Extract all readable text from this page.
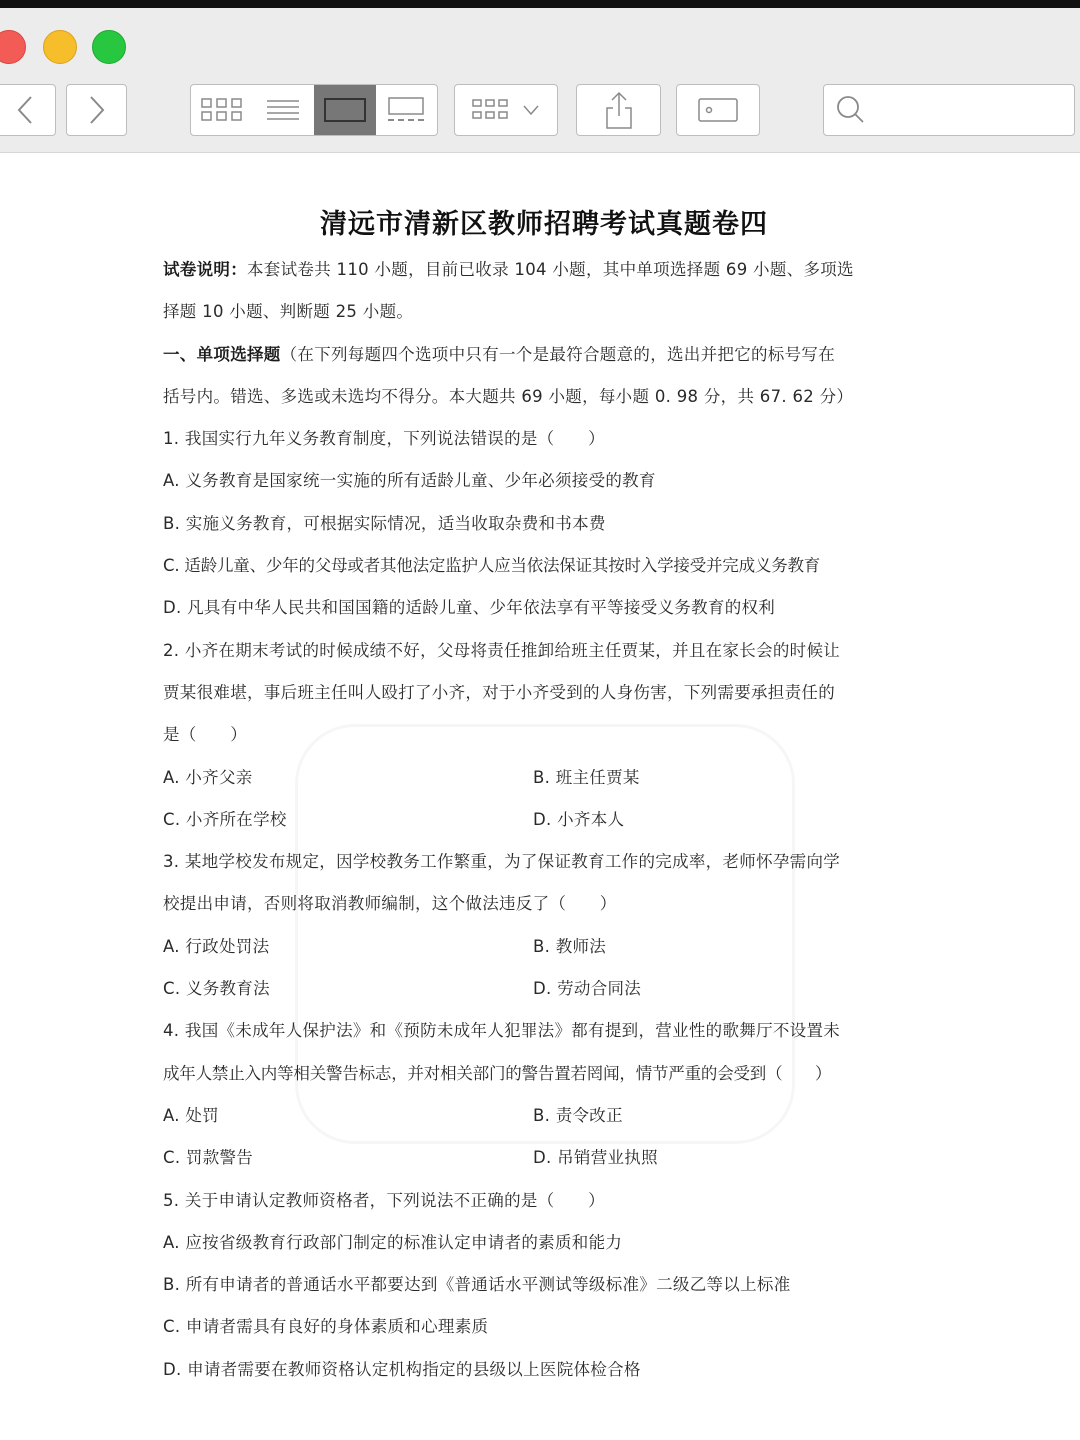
清远市清新区教师招聘考试真题卷四
试卷说明：本套试卷共 110 小题，目前已收录 104 小题，其中单项选择题 69 小题、多项选
择题 10 小题、判断题 25 小题。
一、单项选择题（在下列每题四个选项中只有一个是最符合题意的，选出并把它的标号写在
括号内。错选、多选或未选均不得分。本大题共 69 小题，每小题 0. 98 分，共 67. 62 分）
1. 我国实行九年义务教育制度，下列说法错误的是（　　）
A. 义务教育是国家统一实施的所有适龄儿童、少年必须接受的教育
B. 实施义务教育，可根据实际情况，适当收取杂费和书本费
C. 适龄儿童、少年的父母或者其他法定监护人应当依法保证其按时入学接受并完成义务教育
D. 凡具有中华人民共和国国籍的适龄儿童、少年依法享有平等接受义务教育的权利
2. 小齐在期末考试的时候成绩不好，父母将责任推卸给班主任贾某，并且在家长会的时候让
贾某很难堪，事后班主任叫人殴打了小齐，对于小齐受到的人身伤害，下列需要承担责任的
是（　　）
A. 小齐父亲	B. 班主任贾某
C. 小齐所在学校	D. 小齐本人
3. 某地学校发布规定，因学校教务工作繁重，为了保证教育工作的完成率，老师怀孕需向学
校提出申请，否则将取消教师编制，这个做法违反了（　　）
A. 行政处罚法	B. 教师法
C. 义务教育法	D. 劳动合同法
4. 我国《未成年人保护法》和《预防未成年人犯罪法》都有提到，营业性的歌舞厅不设置未
成年人禁止入内等相关警告标志，并对相关部门的警告置若罔闻，情节严重的会受到（　　）
A. 处罚	B. 责令改正
C. 罚款警告	D. 吊销营业执照
5. 关于申请认定教师资格者，下列说法不正确的是（　　）
A. 应按省级教育行政部门制定的标准认定申请者的素质和能力
B. 所有申请者的普通话水平都要达到《普通话水平测试等级标准》二级乙等以上标准
C. 申请者需具有良好的身体素质和心理素质
D. 申请者需要在教师资格认定机构指定的县级以上医院体检合格
